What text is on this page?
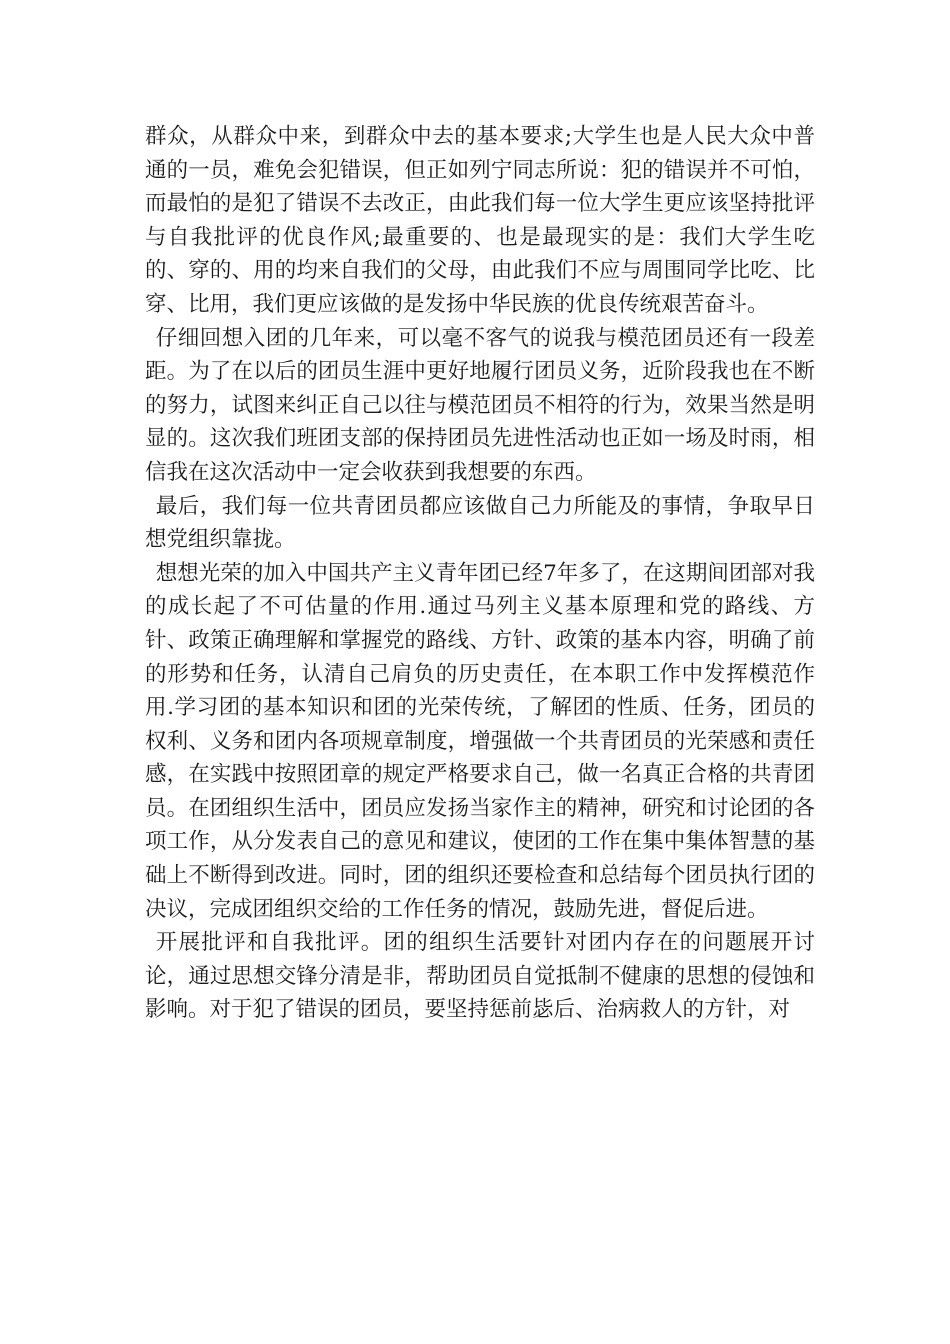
群众，从群众中来，到群众中去的基本要求;大学生也是人民大众中普通的一员，难免会犯错误，但正如列宁同志所说：犯的错误并不可怕，而最怕的是犯了错误不去改正，由此我们每一位大学生更应该坚持批评与自我批评的优良作风;最重要的、也是最现实的是：我们大学生吃的、穿的、用的均来自我们的父母，由此我们不应与周围同学比吃、比穿、比用，我们更应该做的是发扬中华民族的优良传统艰苦奋斗。

仔细回想入团的几年来，可以毫不客气的说我与模范团员还有一段差距。为了在以后的团员生涯中更好地履行团员义务，近阶段我也在不断的努力，试图来纠正自己以往与模范团员不相符的行为，效果当然是明显的。这次我们班团支部的保持团员先进性活动也正如一场及时雨，相信我在这次活动中一定会收获到我想要的东西。

最后，我们每一位共青团员都应该做自己力所能及的事情，争取早日想党组织靠拢。

想想光荣的加入中国共产主义青年团已经7年多了，在这期间团部对我的成长起了不可估量的作用.通过马列主义基本原理和党的路线、方针、政策正确理解和掌握党的路线、方针、政策的基本内容，明确了前的形势和任务，认清自己肩负的历史责任，在本职工作中发挥模范作用.学习团的基本知识和团的光荣传统，了解团的性质、任务，团员的权利、义务和团内各项规章制度，增强做一个共青团员的光荣感和责任感，在实践中按照团章的规定严格要求自己，做一名真正合格的共青团员。在团组织生活中，团员应发扬当家作主的精神，研究和讨论团的各项工作，从分发表自己的意见和建议，使团的工作在集中集体智慧的基础上不断得到改进。同时，团的组织还要检查和总结每个团员执行团的决议，完成团组织交给的工作任务的情况，鼓励先进，督促后进。

开展批评和自我批评。团的组织生活要针对团内存在的问题展开讨论，通过思想交锋分清是非，帮助团员自觉抵制不健康的思想的侵蚀和影响。对于犯了错误的团员，要坚持惩前毖后、治病救人的方针，对
